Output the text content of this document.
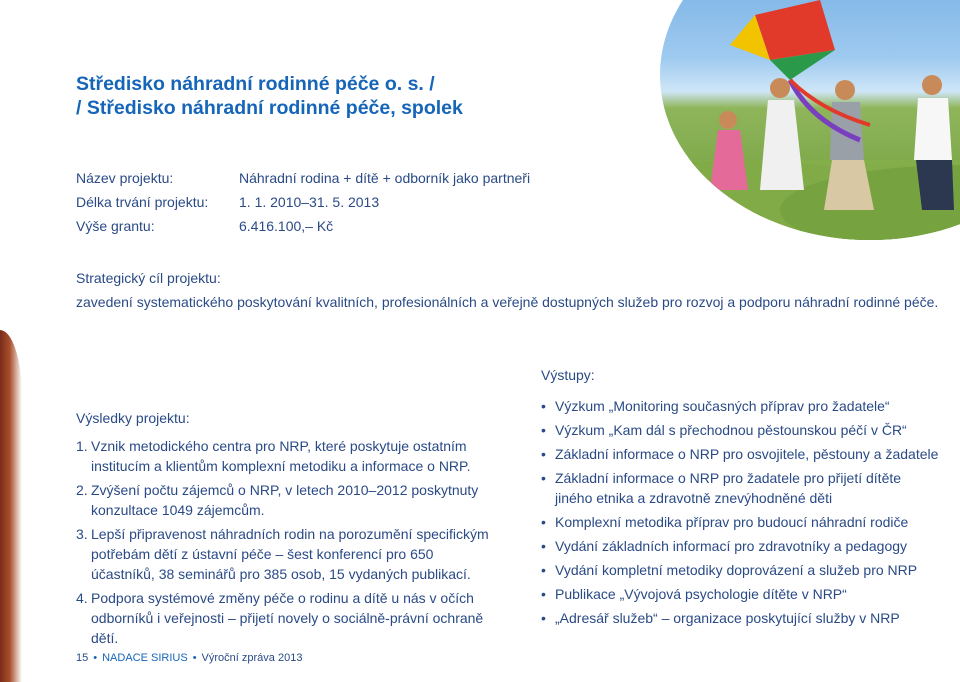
Středisko náhradní rodinné péče o. s. /
/ Středisko náhradní rodinné péče, spolek
Název projektu:	Náhradní rodina + dítě + odborník jako partneři
Délka trvání projektu: 1. 1. 2010–31. 5. 2013
Výše grantu:	6.416.100,– Kč
Strategický cíl projektu:
zavedení systematického poskytování kvalitních, profesionálních a veřejně dostupných služeb pro rozvoj a podporu náhradní rodinné péče.
Výsledky projektu:
1. Vznik metodického centra pro NRP, které poskytuje ostatním institucím a klientům komplexní metodiku a informace o NRP.
2. Zvýšení počtu zájemců o NRP, v letech 2010–2012 poskytnuty konzultace 1049 zájemcům.
3. Lepší připravenost náhradních rodin na porozumění specifickým potřebám dětí z ústavní péče – šest konferencí pro 650 účastníků, 38 seminářů pro 385 osob, 15 vydaných publikací.
4. Podpora systémové změny péče o rodinu a dítě u nás v očích odborníků i veřejnosti – přijetí novely o sociálně-právní ochraně dětí.
Výstupy:
• Výzkum „Monitoring současných příprav pro žadatele“
• Výzkum „Kam dál s přechodnou pěstounskou péčí v ČR“
• Základní informace o NRP pro osvojitele, pěstouny a žadatele
• Základní informace o NRP pro žadatele pro přijetí dítěte jiného etnika a zdravotně znevýhodněné děti
• Komplexní metodika příprav pro budoucí náhradní rodiče
• Vydání základních informací pro zdravotníky a pedagogy
• Vydání kompletní metodiky doprovázení a služeb pro NRP
• Publikace „Vývojová psychologie dítěte v NRP“
• „Adresář služeb“ – organizace poskytující služby v NRP
15 • NADACE SIRIUS • Výroční zpráva 2013
